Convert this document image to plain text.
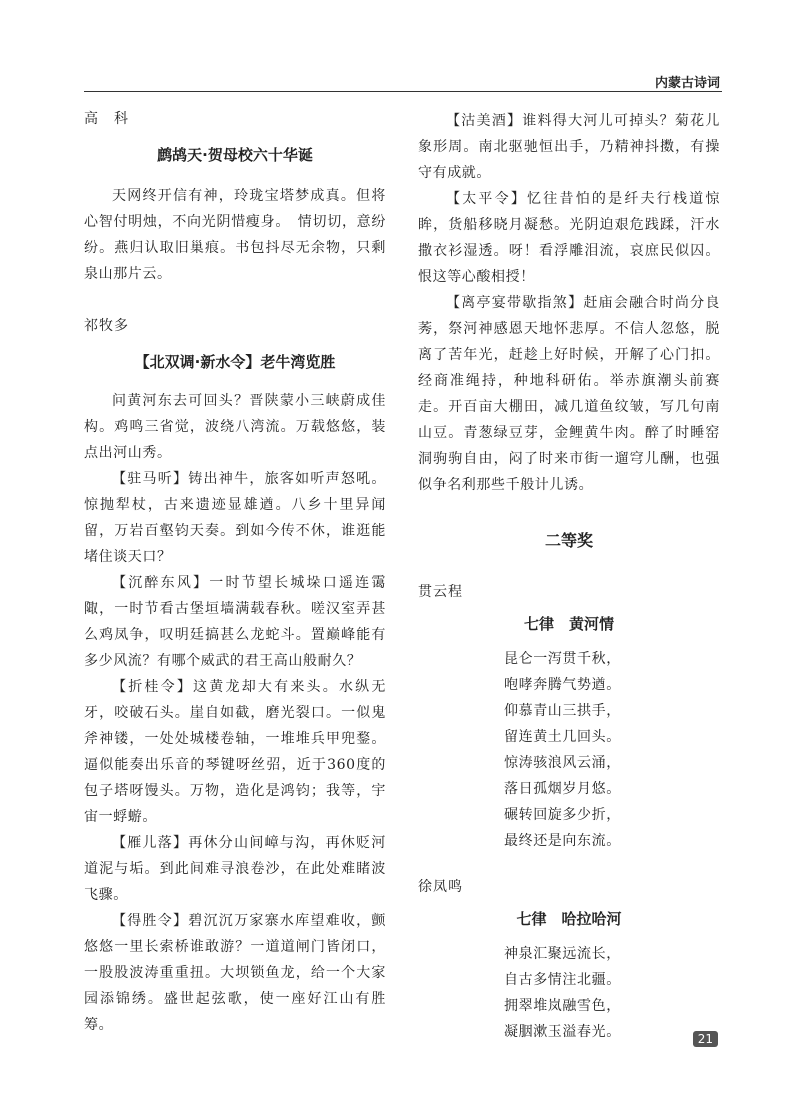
内蒙古诗词

高　科

鹧鸪天·贺母校六十华诞

天网终开信有神，玲珑宝塔梦成真。但将心智付明烛，不向光阴惜瘦身。　情切切，意纷纷。燕归认取旧巢痕。书包抖尽无余物，只剩泉山那片云。

祁牧多

【北双调·新水令】老牛湾览胜

问黄河东去可回头？晋陕蒙小三峡蔚成佳构。鸡鸣三省觉，波绕八湾流。万载悠悠，装点出河山秀。

【驻马听】铸出神牛，旅客如听声怒吼。惊抛犁杖，古来遗迹显雄遒。八乡十里异闻留，万岩百壑钧天奏。到如今传不休，谁逛能堵住谈天口？

【沉醉东风】一时节望长城垛口遥连霭陬，一时节看古堡垣墙满载春秋。嗟汉室弄甚么鸡凤争，叹明廷搞甚么龙蛇斗。置巅峰能有多少风流？有哪个威武的君王高山般耐久？

【折桂令】这黄龙却大有来头。水纵无牙，咬破石头。崖自如截，磨光裂口。一似鬼斧神镂，一处处城楼卷轴，一堆堆兵甲兜鍪。逼似能奏出乐音的琴键呀丝弨，近于360度的包子塔呀馒头。万物，造化是鸿钧；我等，宇宙一蜉蝣。

【雁儿落】再休分山间嶂与沟，再休贬河道泥与垢。到此间难寻浪卷沙，在此处难睹波飞骤。

【得胜令】碧沉沉万家寨水库望难收，颤悠悠一里长索桥谁敢游？一道道闸门皆闭口，一股股波涛重重扭。大坝锁鱼龙，给一个大家园添锦绣。盛世起弦歌，使一座好江山有胜筹。

【沽美酒】谁料得大河儿可掉头？菊花儿象形周。南北驱驰恒出手，乃精神抖擞，有操守有成就。

【太平令】忆往昔怕的是纤夫行栈道惊眸，货船移晓月凝愁。光阴迫艰危践蹂，汗水撒衣衫湿透。呀！看浮雕泪流，哀庶民似囚。恨这等心酸相授！

【离亭宴带歇指煞】赶庙会融合时尚分良莠，祭河神感恩天地怀悲厚。不信人忽悠，脱离了苦年光，赶趁上好时候，开解了心门扣。经商准绳持，种地科研佑。举赤旗潮头前赛走。开百亩大棚田，减几道鱼纹皱，写几句南山豆。青葱绿豆芽，金鲤黄牛肉。醉了时睡窑洞驹驹自由，闷了时来市街一遛穹儿酬，也强似争名利那些千般计儿诱。

二等奖

贯云程

七律　黄河情

昆仑一泻贯千秋，

咆哮奔腾气势遒。

仰慕青山三拱手，

留连黄土几回头。

惊涛骇浪风云涌，

落日孤烟岁月悠。

碾转回旋多少折，

最终还是向东流。

徐凤鸣

七律　哈拉哈河

神泉汇聚远流长，

自古多情注北疆。

拥翠堆岚融雪色，

凝胭漱玉溢春光。	21
